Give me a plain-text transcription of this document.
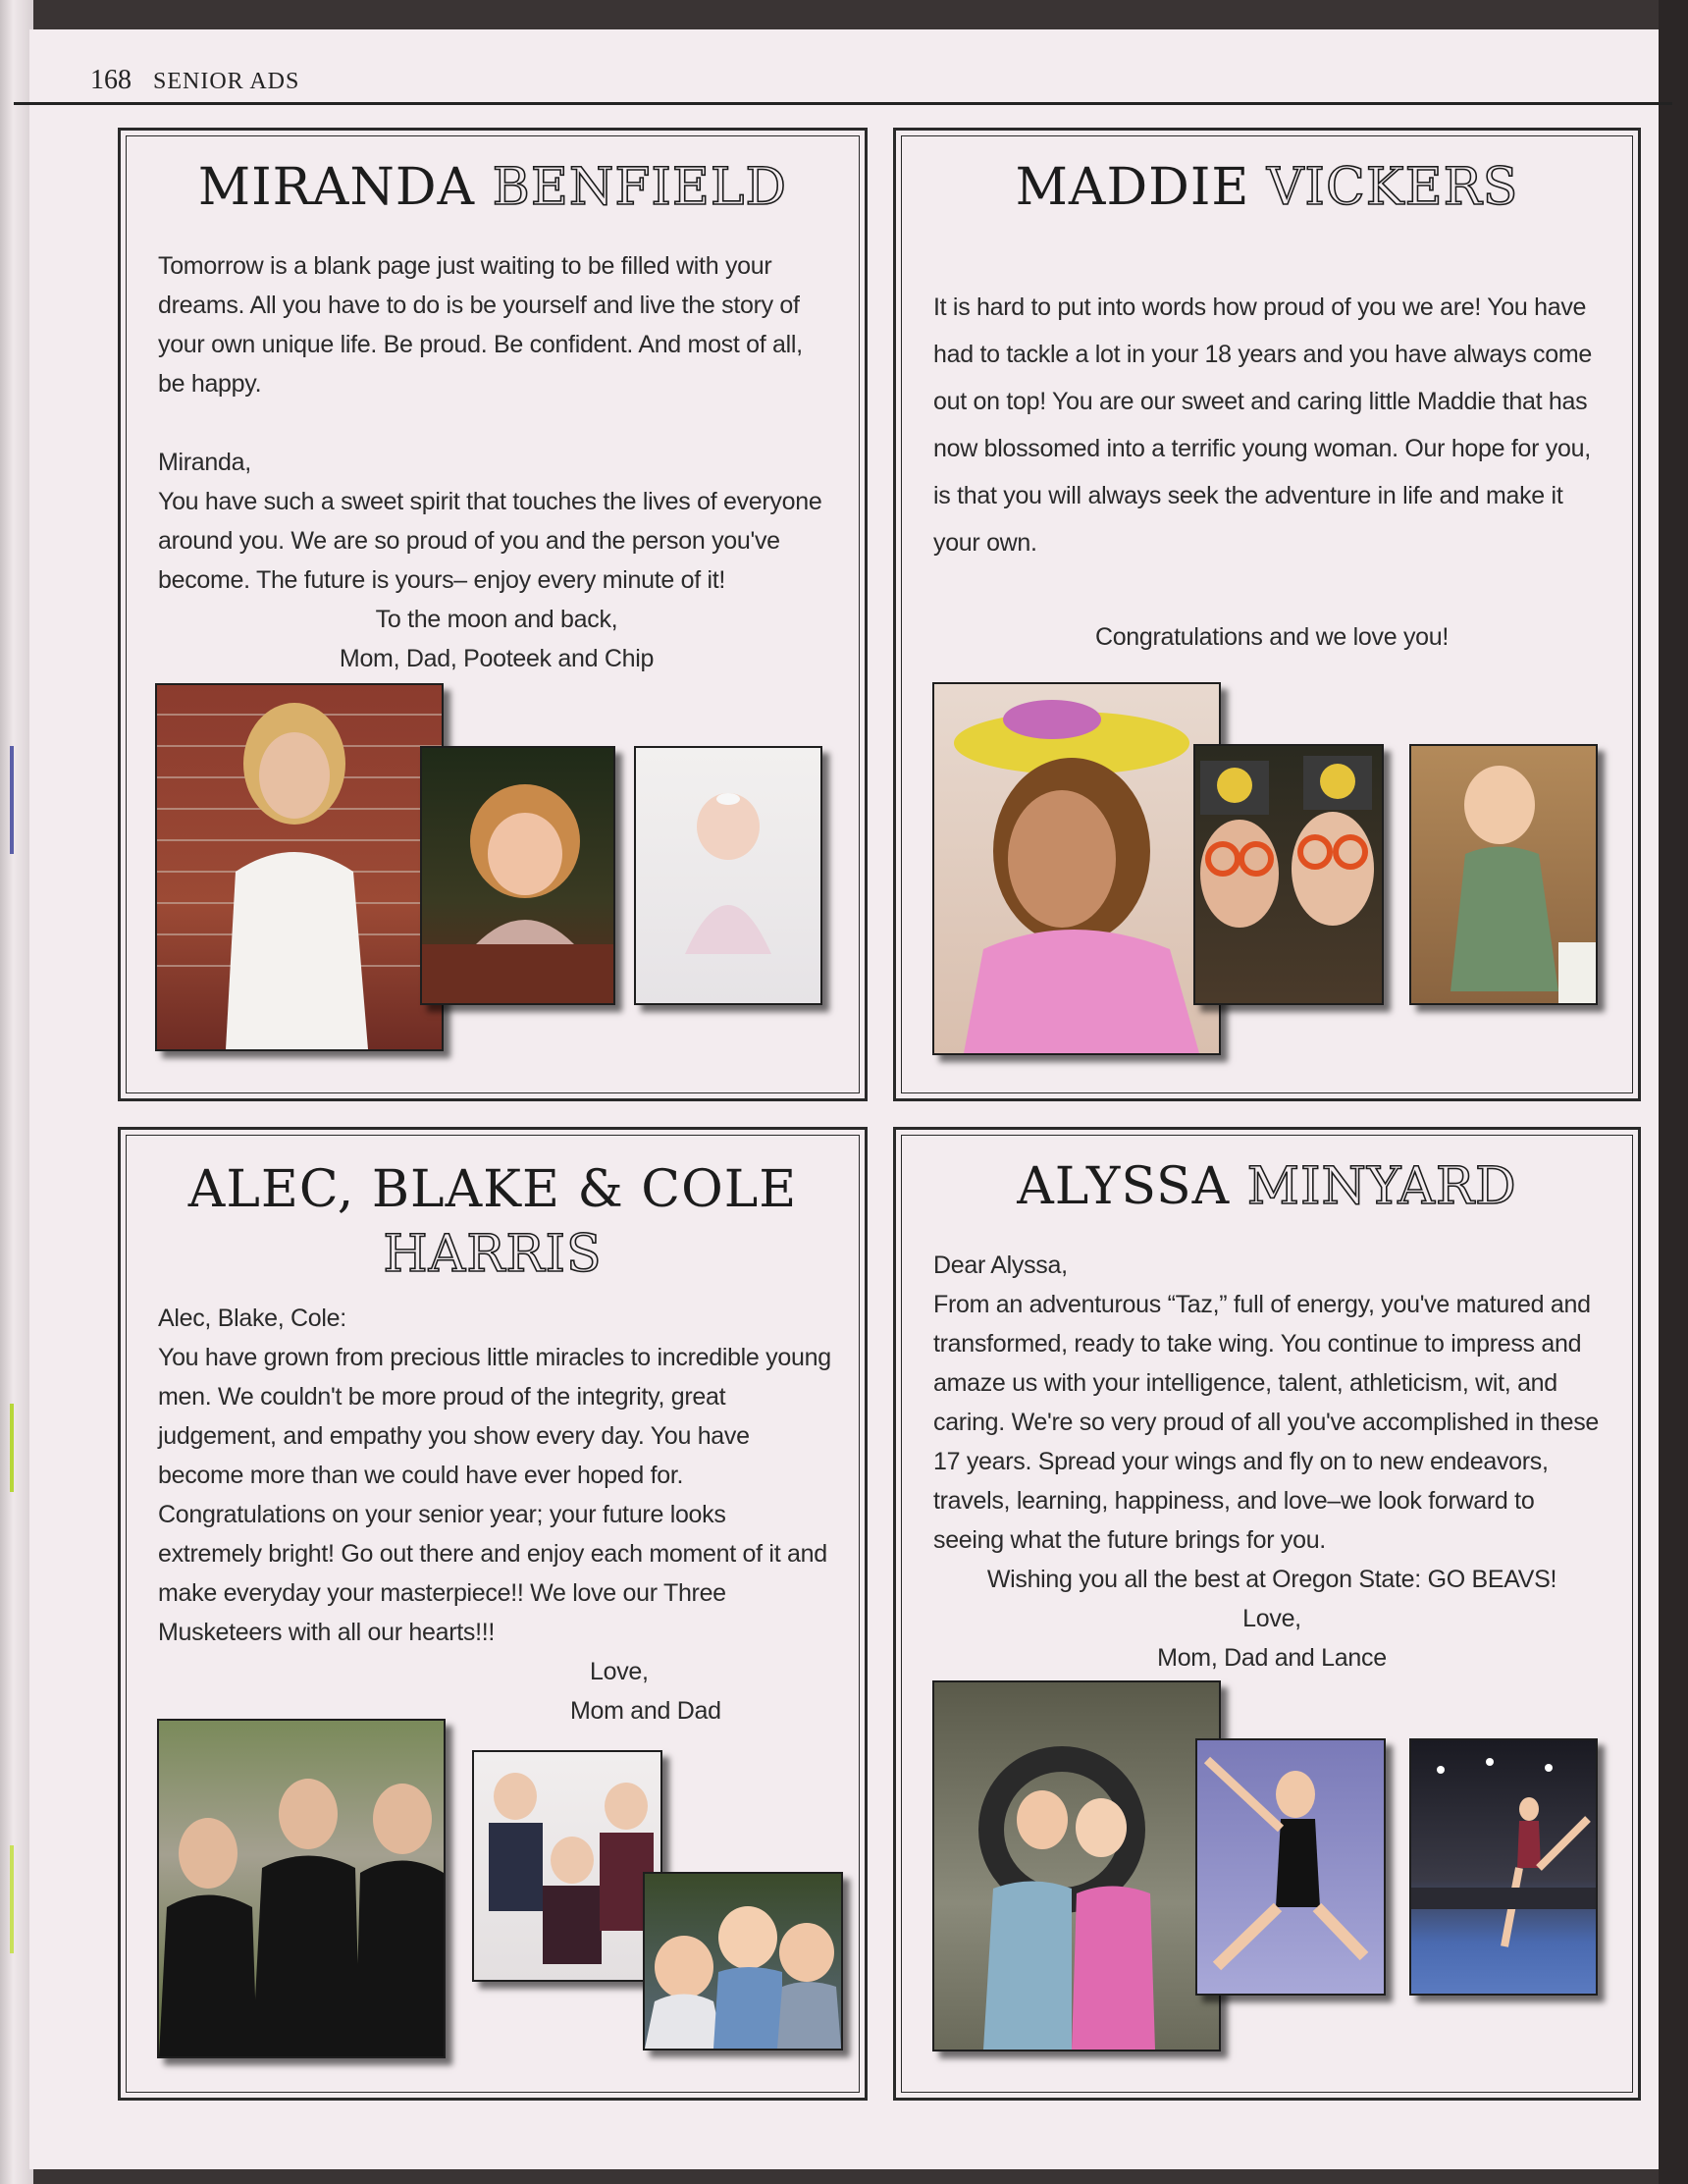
168 SENIOR ADS
MIRANDA BENFIELD

Tomorrow is a blank page just waiting to be filled with your dreams. All you have to do is be yourself and live the story of your own unique life. Be proud. Be confident. And most of all, be happy.

Miranda,

You have such a sweet spirit that touches the lives of everyone around you. We are so proud of you and the person you've become. The future is yours– enjoy every minute of it!

To the moon and back,

Mom, Dad, Pooteek and Chip

MADDIE VICKERS

It is hard to put into words how proud of you we are! You have had to tackle a lot in your 18 years and you have always come out on top! You are our sweet and caring little Maddie that has now blossomed into a terrific young woman. Our hope for you, is that you will always seek the adventure in life and make it your own.

Congratulations and we love you!

ALEC, BLAKE & COLE
HARRIS

Alec, Blake, Cole:

You have grown from precious little miracles to incredible young men. We couldn't be more proud of the integrity, great judgement, and empathy you show every day. You have become more than we could have ever hoped for. Congratulations on your senior year; your future looks extremely bright! Go out there and enjoy each moment of it and make everyday your masterpiece!! We love our Three Musketeers with all our hearts!!!

Love,

Mom and Dad

ALYSSA MINYARD

Dear Alyssa,

From an adventurous “Taz,” full of energy, you've matured and transformed, ready to take wing. You continue to impress and amaze us with your intelligence, talent, athleticism, wit, and caring. We're so very proud of all you've accomplished in these 17 years. Spread your wings and fly on to new endeavors, travels, learning, happiness, and love–we look forward to seeing what the future brings for you.

Wishing you all the best at Oregon State: GO BEAVS!

Love,

Mom, Dad and Lance
